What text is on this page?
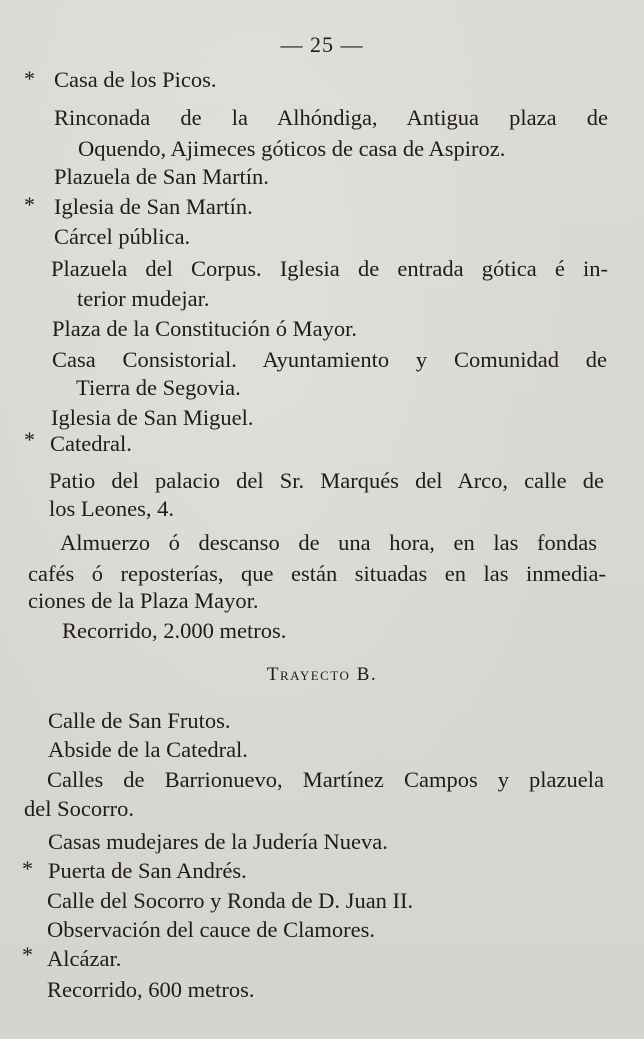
— 25 —
* Casa de los Picos.
Rinconada de la Alhóndiga, Antigua plaza de
Oquendo, Ajimeces góticos de casa de Aspiroz.
Plazuela de San Martín.
* Iglesia de San Martín.
Cárcel pública.
Plazuela del Corpus. Iglesia de entrada gótica é in-
terior mudejar.
Plaza de la Constitución ó Mayor.
Casa Consistorial. Ayuntamiento y Comunidad de
Tierra de Segovia.
Iglesia de San Miguel.
* Catedral.
Patio del palacio del Sr. Marqués del Arco, calle de
los Leones, 4.
Almuerzo ó descanso de una hora, en las fondas
cafés ó reposterías, que están situadas en las inmedia-
ciones de la Plaza Mayor.
Recorrido, 2.000 metros.
Trayecto B.
Calle de San Frutos.
Abside de la Catedral.
Calles de Barrionuevo, Martínez Campos y plazuela
del Socorro.
Casas mudejares de la Judería Nueva.
* Puerta de San Andrés.
Calle del Socorro y Ronda de D. Juan II.
Observación del cauce de Clamores.
* Alcázar.
Recorrido, 600 metros.
